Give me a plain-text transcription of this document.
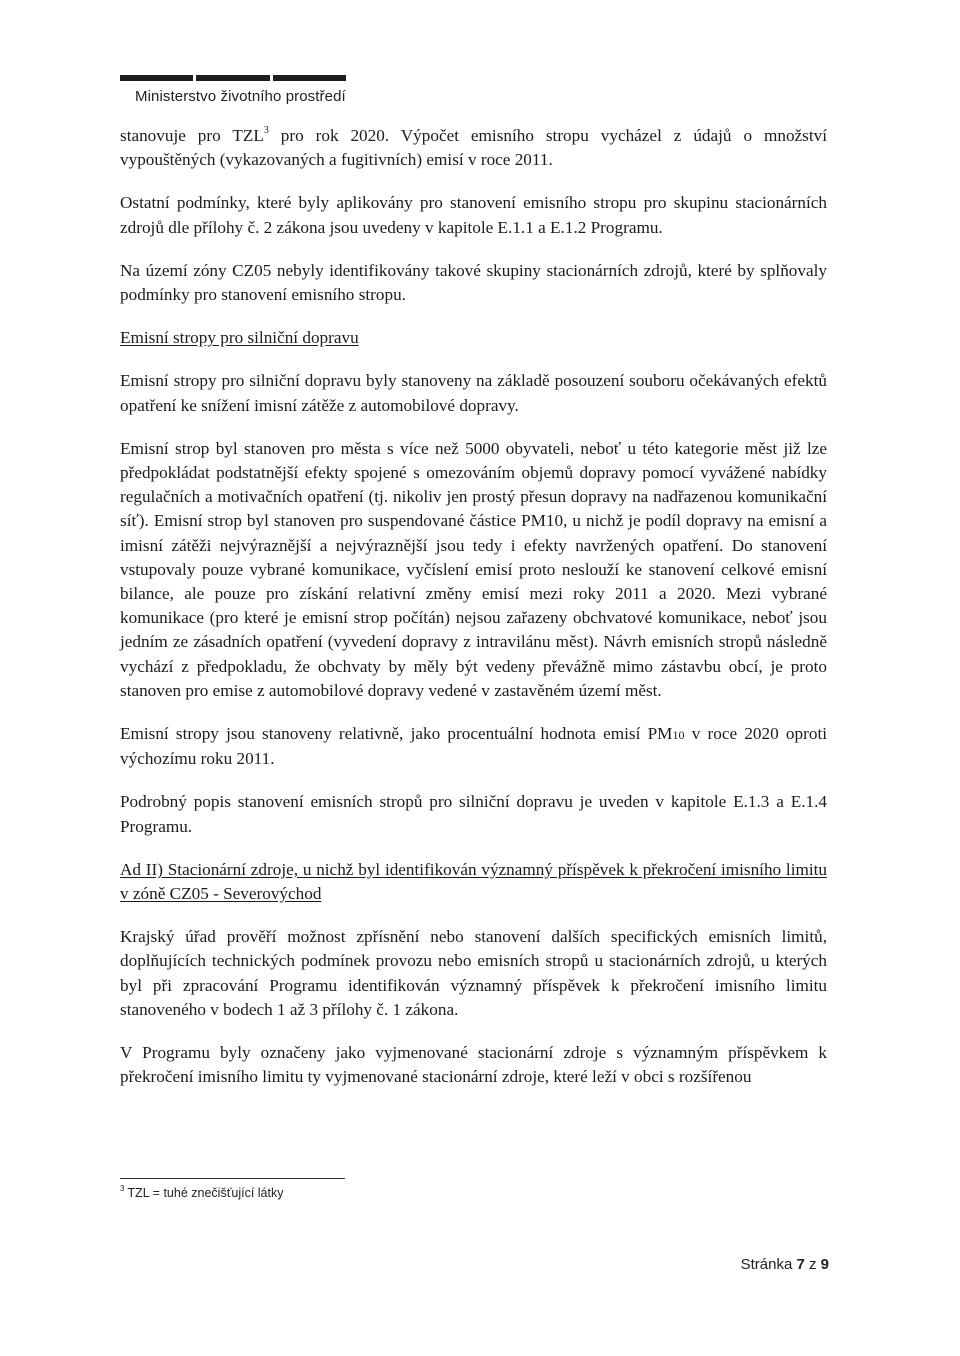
Ministerstvo životního prostředí

stanovuje pro TZL$^3$ pro rok 2020. Výpočet emisního stropu vycházel z údajů o množství vypouštěných (vykazovaných a fugitivních) emisí v roce 2011.

Ostatní podmínky, které byly aplikovány pro stanovení emisního stropu pro skupinu stacionárních zdrojů dle přílohy č. 2 zákona jsou uvedeny v kapitole E.1.1 a E.1.2 Programu.

Na území zóny CZ05 nebyly identifikovány takové skupiny stacionárních zdrojů, které by splňovaly podmínky pro stanovení emisního stropu.

Emisní stropy pro silniční dopravu

Emisní stropy pro silniční dopravu byly stanoveny na základě posouzení souboru očekávaných efektů opatření ke snížení imisní zátěže z automobilové dopravy.

Emisní strop byl stanoven pro města s více než 5000 obyvateli, neboť u této kategorie měst již lze předpokládat podstatnější efekty spojené s omezováním objemů dopravy pomocí vyvážené nabídky regulačních a motivačních opatření (tj. nikoliv jen prostý přesun dopravy na nadřazenou komunikační síť). Emisní strop byl stanoven pro suspendované částice PM10, u nichž je podíl dopravy na emisní a imisní zátěži nejvýraznější a nejvýraznější jsou tedy i efekty navržených opatření. Do stanovení vstupovaly pouze vybrané komunikace, vyčíslení emisí proto neslouží ke stanovení celkové emisní bilance, ale pouze pro získání relativní změny emisí mezi roky 2011 a 2020. Mezi vybrané komunikace (pro které je emisní strop počítán) nejsou zařazeny obchvatové komunikace, neboť jsou jedním ze zásadních opatření (vyvedení dopravy z intravilánu měst). Návrh emisních stropů následně vychází z předpokladu, že obchvaty by měly být vedeny převážně mimo zástavbu obcí, je proto stanoven pro emise z automobilové dopravy vedené v zastavěném území měst.

Emisní stropy jsou stanoveny relativně, jako procentuální hodnota emisí PM10 v roce 2020 oproti výchozímu roku 2011.

Podrobný popis stanovení emisních stropů pro silniční dopravu je uveden v kapitole E.1.3 a E.1.4 Programu.

Ad II) Stacionární zdroje, u nichž byl identifikován významný příspěvek k překročení imisního limitu v zóně CZ05 - Severovýchod

Krajský úřad prověří možnost zpřísnění nebo stanovení dalších specifických emisních limitů, doplňujících technických podmínek provozu nebo emisních stropů u stacionárních zdrojů, u kterých byl při zpracování Programu identifikován významný příspěvek k překročení imisního limitu stanoveného v bodech 1 až 3 přílohy č. 1 zákona.

V Programu byly označeny jako vyjmenované stacionární zdroje s významným příspěvkem k překročení imisního limitu ty vyjmenované stacionární zdroje, které leží v obci s rozšířenou

$^3$ TZL = tuhé znečišťující látky
Stránka 7 z 9
